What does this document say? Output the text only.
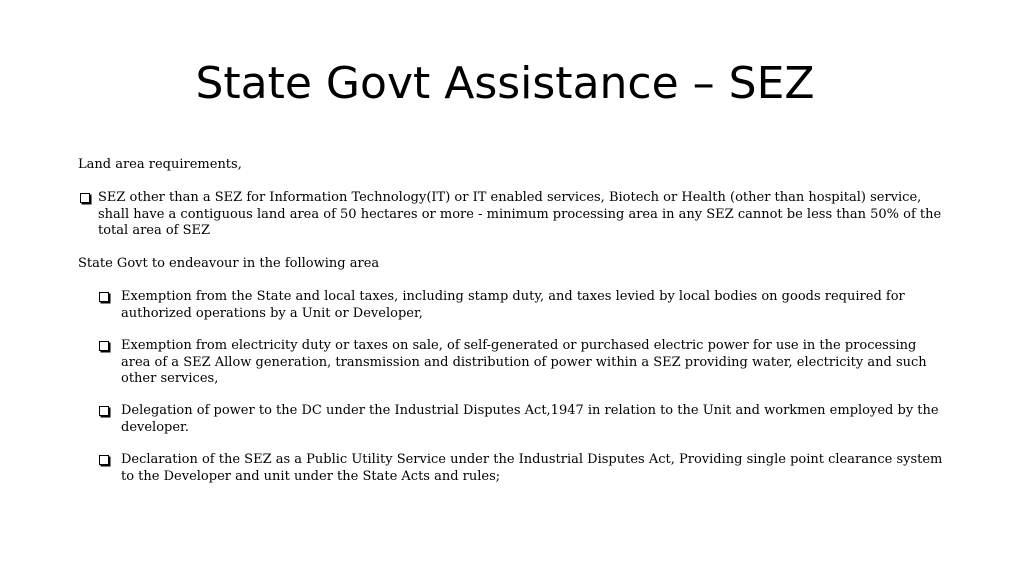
State Govt Assistance – SEZ

Land area requirements,

SEZ other than a SEZ for Information Technology(IT) or IT enabled services, Biotech or Health (other than hospital) service, shall have a contiguous land area of 50 hectares or more - minimum processing area in any SEZ cannot be less than 50% of the total area of SEZ

State Govt to endeavour in the following area

Exemption from the State and local taxes, including stamp duty, and taxes levied by local bodies on goods required for authorized operations by a Unit or Developer,
Exemption from electricity duty or taxes on sale, of self-generated or purchased electric power for use in the processing area of a SEZ Allow generation, transmission and distribution of power within a SEZ providing water, electricity and such other services,
Delegation of power to the DC under the Industrial Disputes Act,1947 in relation to the Unit and workmen employed by the developer.
Declaration of the SEZ as a Public Utility Service under the Industrial Disputes Act, Providing single point clearance system to the Developer and unit under the State Acts and rules;
